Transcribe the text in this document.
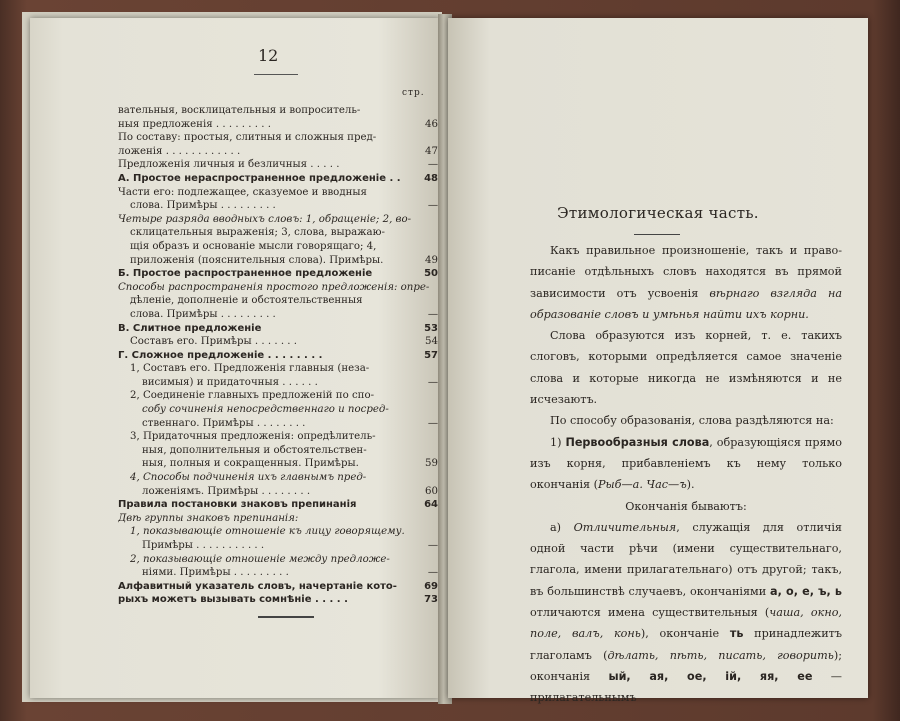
12
стр.
вательныя, восклицательныя и вопроситель-
ныя предложенія . . . . . . . . .	46
По составу: простыя, слитныя и сложныя пред-
ложенія . . . . . . . . . . . .	47
Предложенія личныя и безличныя . . . . .	—
А. Простое нераспространенное предложеніе . .	48
Части его: подлежащее, сказуемое и вводныя
слова. Примѣры . . . . . . . . .	—
Четыре разряда вводныхъ словъ: 1, обращеніе; 2, во-
склицательныя выраженія; 3, слова, выражаю-
щія образъ и основаніе мысли говорящаго; 4,
приложенія (пояснительныя слова). Примѣры.	49
Б. Простое распространенное предложеніе	50
Способы распространенія простого предложенія: опре-
дѣленіе, дополненіе и обстоятельственныя
слова. Примѣры . . . . . . . . .	—
В. Слитное предложеніе	53
Составъ его. Примѣры . . . . . . .	54
Г. Сложное предложеніе . . . . . . . .	57
1, Составъ его. Предложенія главныя (неза-
висимыя) и придаточныя . . . . . .	—
2, Соединеніе главныхъ предложеній по спо-
собу сочиненія непосредственнаго и посред-
ственнаго. Примѣры . . . . . . . .	—
3, Придаточныя предложенія: опредѣлитель-
ныя, дополнительныя и обстоятельствен-
ныя, полныя и сокращенныя. Примѣры.	59
4, Способы подчиненія ихъ главнымъ пред-
ложеніямъ. Примѣры . . . . . . . .	60
Правила постановки знаковъ препинанія	64
Двѣ группы знаковъ препинанія:
1, показывающіе отношеніе къ лицу говорящему.
Примѣры . . . . . . . . . . .	—
2, показывающіе отношеніе между предложе-
ніями. Примѣры . . . . . . . . .	—
Алфавитный указатель словъ, начертаніе кото-	69
рыхъ можетъ вызывать сомнѣніе . . . . .	73
Этимологическая часть.

Какъ правильное произношеніе, такъ и право-писаніе отдѣльныхъ словъ находятся въ прямой зависимости отъ усвоенія вѣрнаго взгляда на образованіе словъ и умѣнья найти ихъ корни.

Слова образуются изъ корней, т. е. такихъ слоговъ, которыми опредѣляется самое значеніе слова и которые никогда не измѣняются и не исчезаютъ.

По способу образованія, слова раздѣляются на:

1) Первообразныя слова, образующіяся прямо изъ корня, прибавленіемъ къ нему только окончанія (Рыб—а. Час—ъ).

Окончанія бываютъ:

а) Отличительныя, служащія для отличія одной части рѣчи (имени существительнаго, глагола, имени прилагательнаго) отъ другой; такъ, въ большинствѣ случаевъ, окончаніями а, о, е, ъ, ь отличаются имена существительныя (чаша, окно, поле, валъ, конь), окончаніе ть принадлежитъ глаголамъ (дѣлать, пѣть, писать, говорить); окончанія ый, ая, ое, ій, яя, ее — прилагательнымъ
